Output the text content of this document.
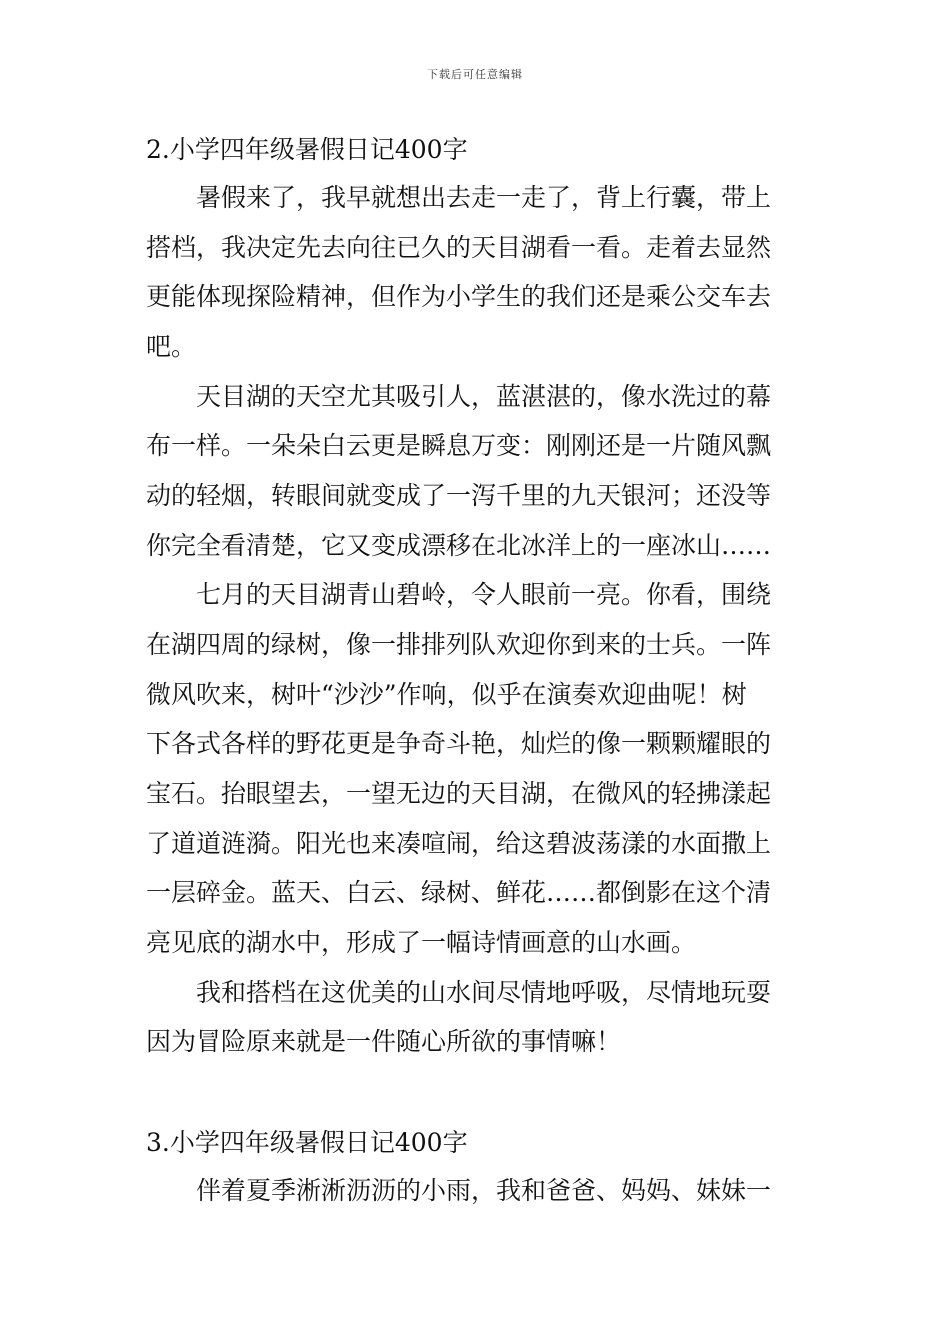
下载后可任意编辑
2.小学四年级暑假日记400字
暑假来了，我早就想出去走一走了，背上行囊，带上
搭档，我决定先去向往已久的天目湖看一看。走着去显然
更能体现探险精神，但作为小学生的我们还是乘公交车去
吧。
天目湖的天空尤其吸引人，蓝湛湛的，像水洗过的幕
布一样。一朵朵白云更是瞬息万变：刚刚还是一片随风飘
动的轻烟，转眼间就变成了一泻千里的九天银河；还没等
你完全看清楚，它又变成漂移在北冰洋上的一座冰山……
七月的天目湖青山碧岭，令人眼前一亮。你看，围绕
在湖四周的绿树，像一排排列队欢迎你到来的士兵。一阵
微风吹来，树叶“沙沙”作响，似乎在演奏欢迎曲呢！树
下各式各样的野花更是争奇斗艳，灿烂的像一颗颗耀眼的
宝石。抬眼望去，一望无边的天目湖，在微风的轻拂漾起
了道道涟漪。阳光也来凑喧闹，给这碧波荡漾的水面撒上
一层碎金。蓝天、白云、绿树、鲜花……都倒影在这个清
亮见底的湖水中，形成了一幅诗情画意的山水画。
我和搭档在这优美的山水间尽情地呼吸，尽情地玩耍
因为冒险原来就是一件随心所欲的事情嘛！
3.小学四年级暑假日记400字
伴着夏季淅淅沥沥的小雨，我和爸爸、妈妈、妹妹一
